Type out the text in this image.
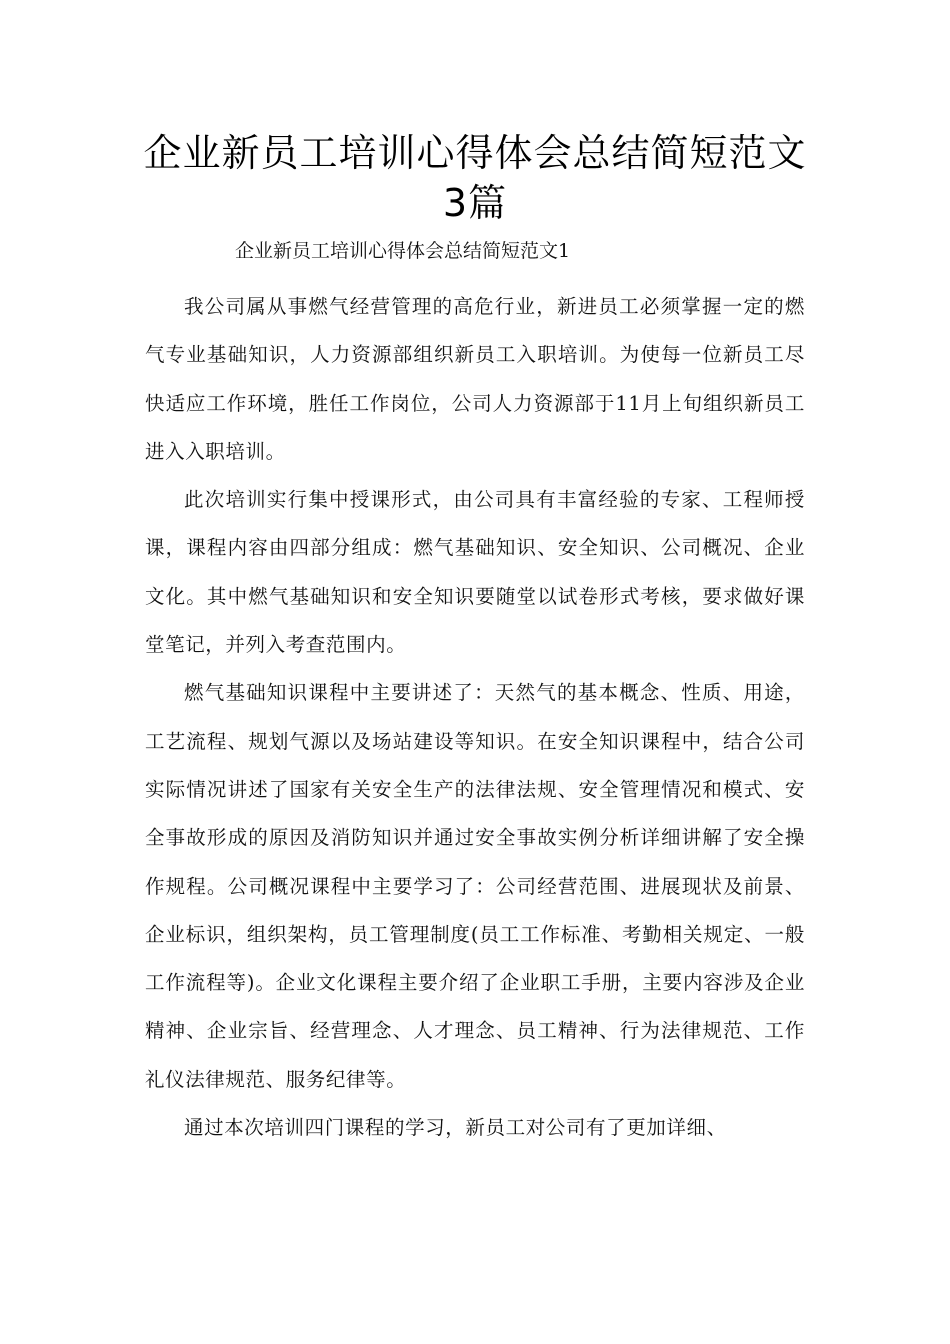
企业新员工培训心得体会总结简短范文
3篇
企业新员工培训心得体会总结简短范文1

我公司属从事燃气经营管理的高危行业，新进员工必须掌握一定的燃气专业基础知识，人力资源部组织新员工入职培训。为使每一位新员工尽快适应工作环境，胜任工作岗位，公司人力资源部于11月上旬组织新员工进入入职培训。

此次培训实行集中授课形式，由公司具有丰富经验的专家、工程师授课，课程内容由四部分组成：燃气基础知识、安全知识、公司概况、企业文化。其中燃气基础知识和安全知识要随堂以试卷形式考核，要求做好课堂笔记，并列入考查范围内。

燃气基础知识课程中主要讲述了：天然气的基本概念、性质、用途，工艺流程、规划气源以及场站建设等知识。在安全知识课程中，结合公司实际情况讲述了国家有关安全生产的法律法规、安全管理情况和模式、安全事故形成的原因及消防知识并通过安全事故实例分析详细讲解了安全操作规程。公司概况课程中主要学习了：公司经营范围、进展现状及前景、企业标识，组织架构，员工管理制度(员工工作标准、考勤相关规定、一般工作流程等)。企业文化课程主要介绍了企业职工手册，主要内容涉及企业精神、企业宗旨、经营理念、人才理念、员工精神、行为法律规范、工作礼仪法律规范、服务纪律等。

通过本次培训四门课程的学习，新员工对公司有了更加详细、
